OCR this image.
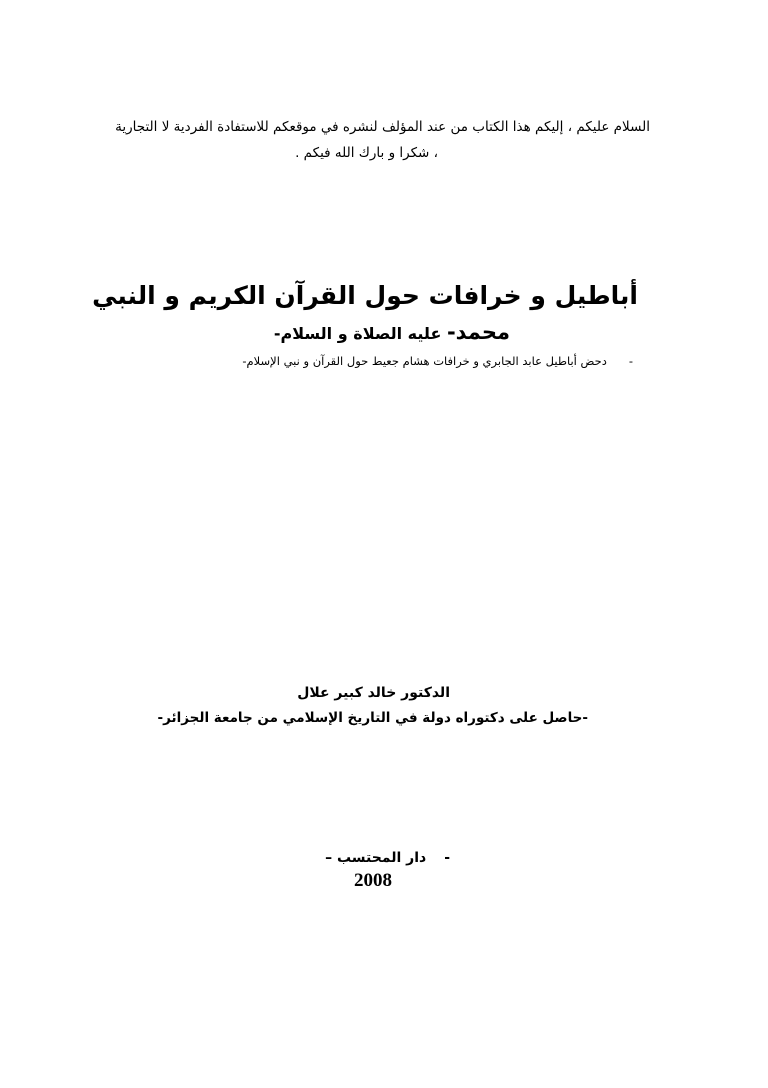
السلام عليكم ، إليكم هذا الكتاب من عند المؤلف لنشره في موقعكم للاستفادة الفردية لا التجارية
، شكرا و بارك الله فيكم .
أباطيل و خرافات حول القرآن الكريم و النبي
محمد- عليه الصلاة و السلام-
-دحض أباطيل عابد الجابري و خرافات هشام جعيط حول القرآن و نبي الإسلام-
الدكتور خالد كبير علال
-حاصل على دكتوراه دولة في التاريخ الإسلامي من جامعة الجزائر-
-دار المحتسب –
2008
